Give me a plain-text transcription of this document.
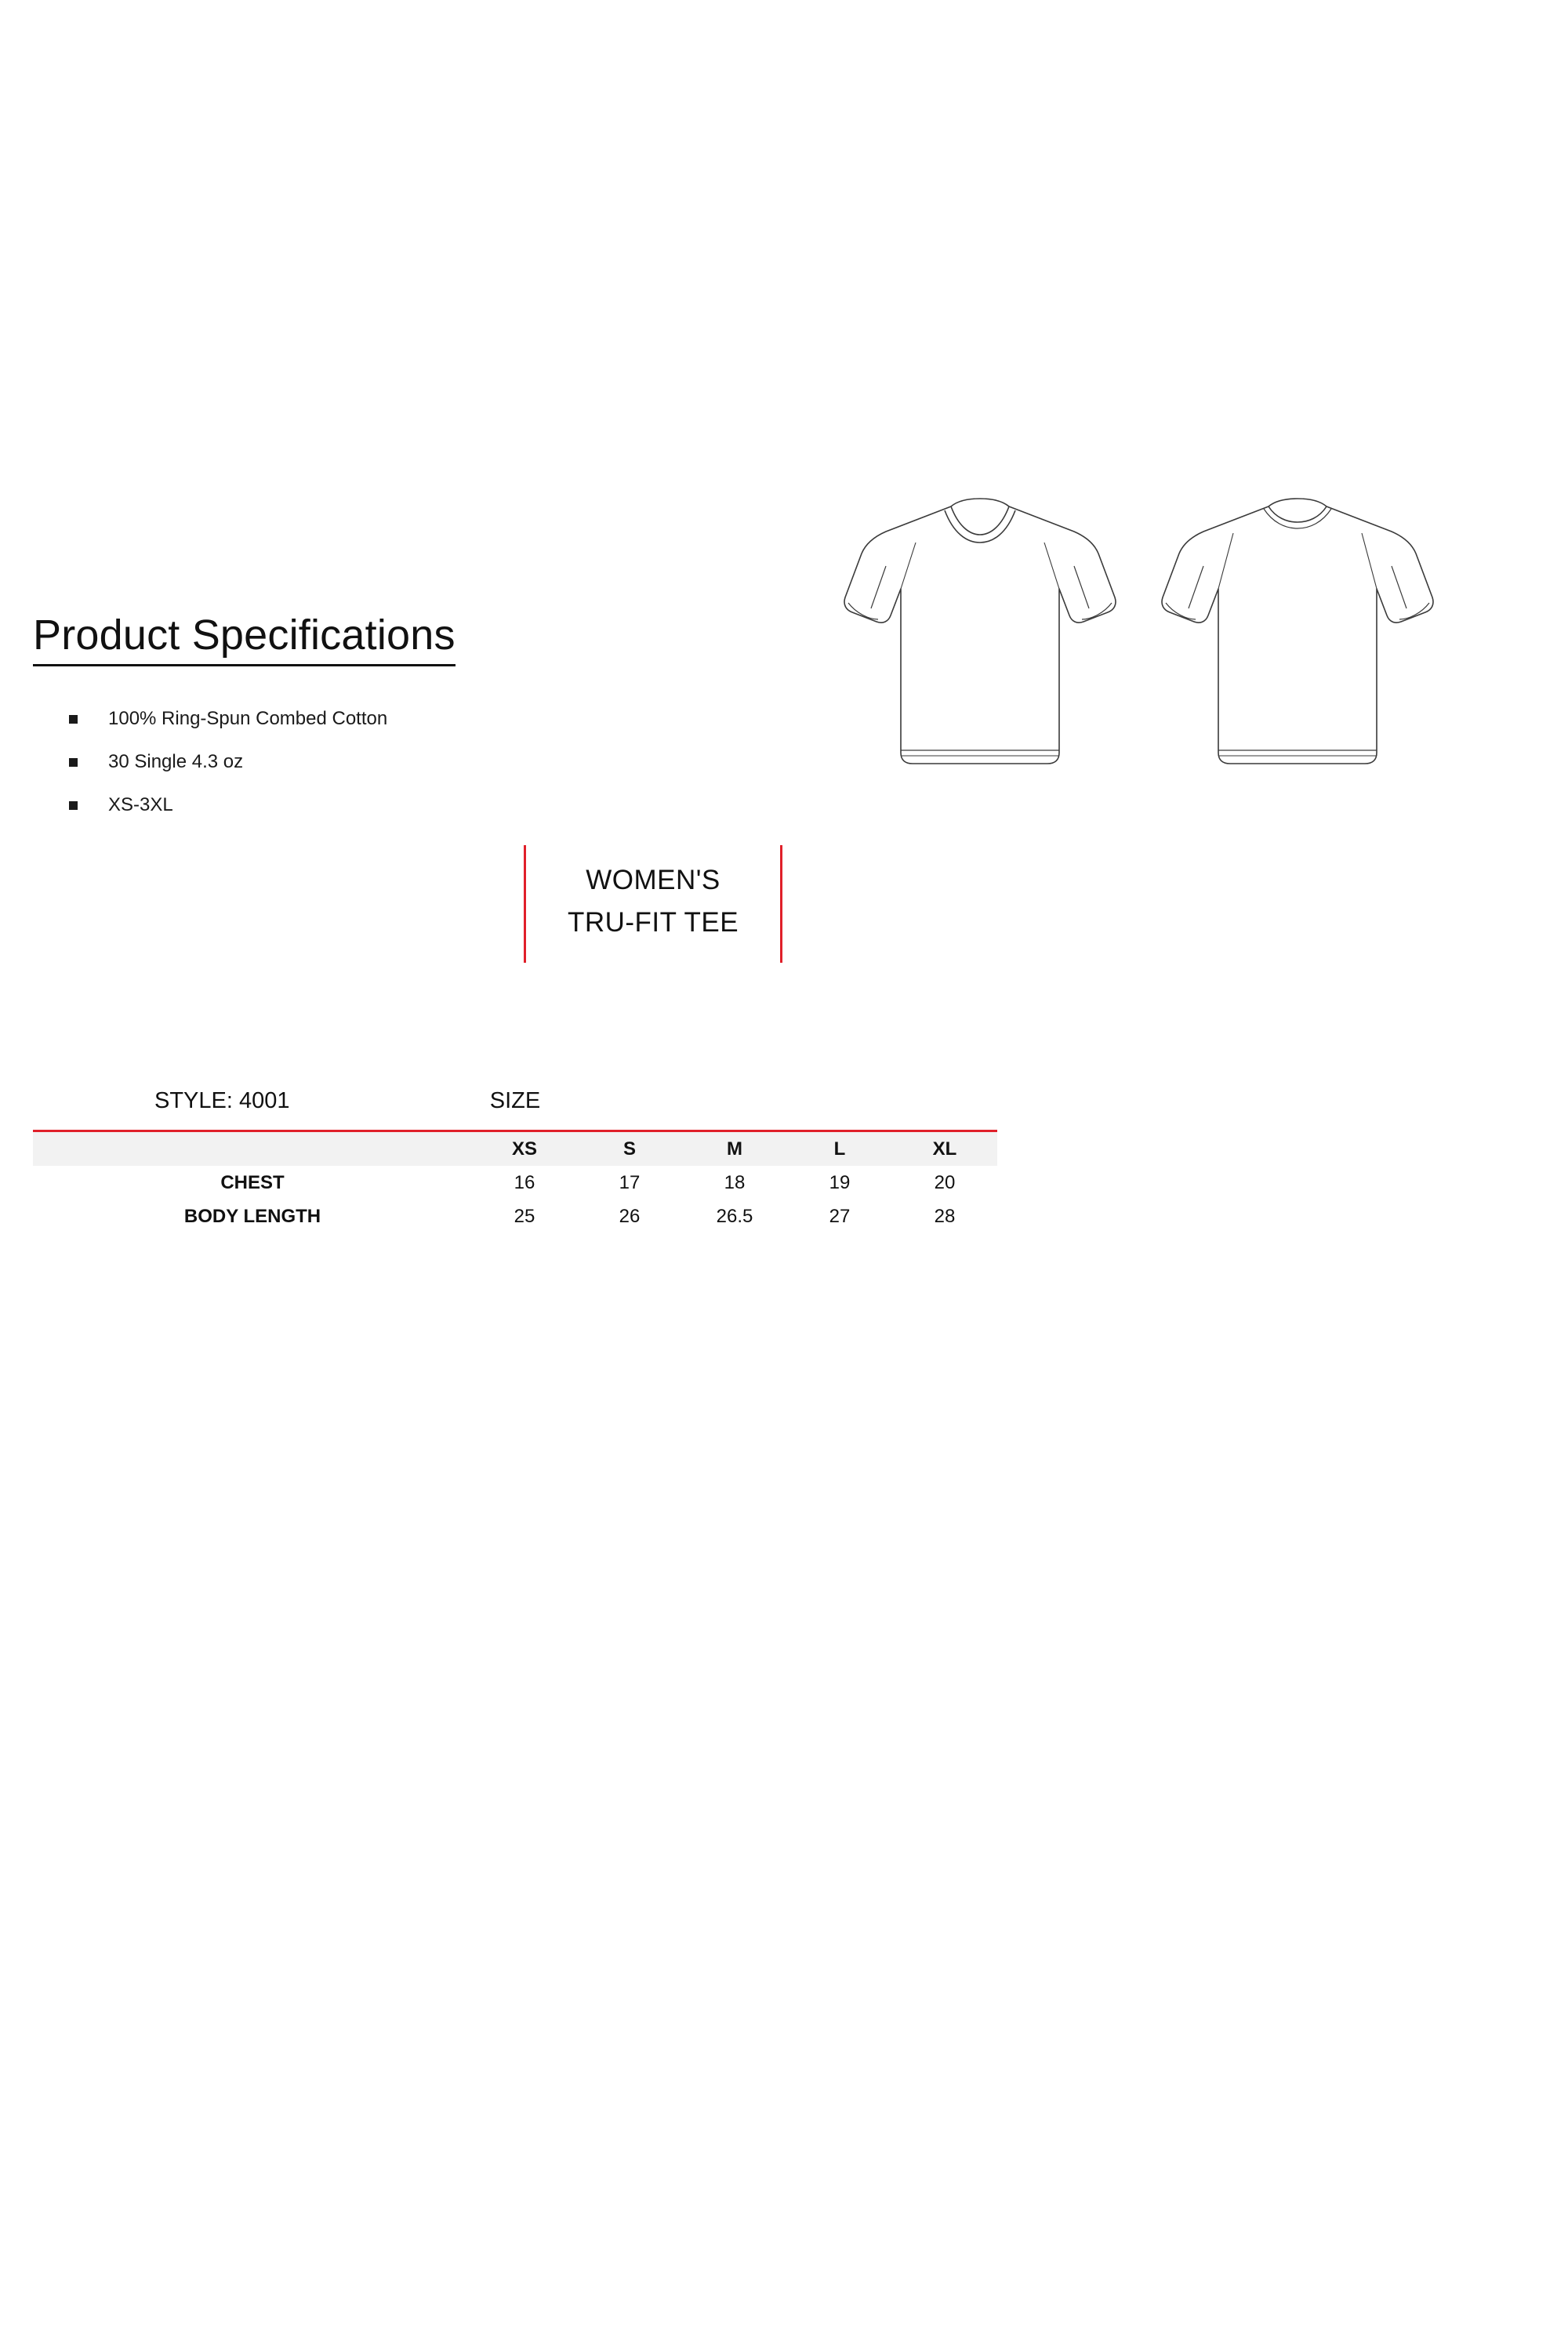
Product Specifications
100% Ring-Spun Combed Cotton
30 Single 4.3 oz
XS-3XL
WOMEN'S
TRU-FIT TEE
STYLE: 4001	SIZE
	XS	S	M	L	XL
CHEST	16	17	18	19	20
BODY LENGTH	25	26	26.5	27	28
